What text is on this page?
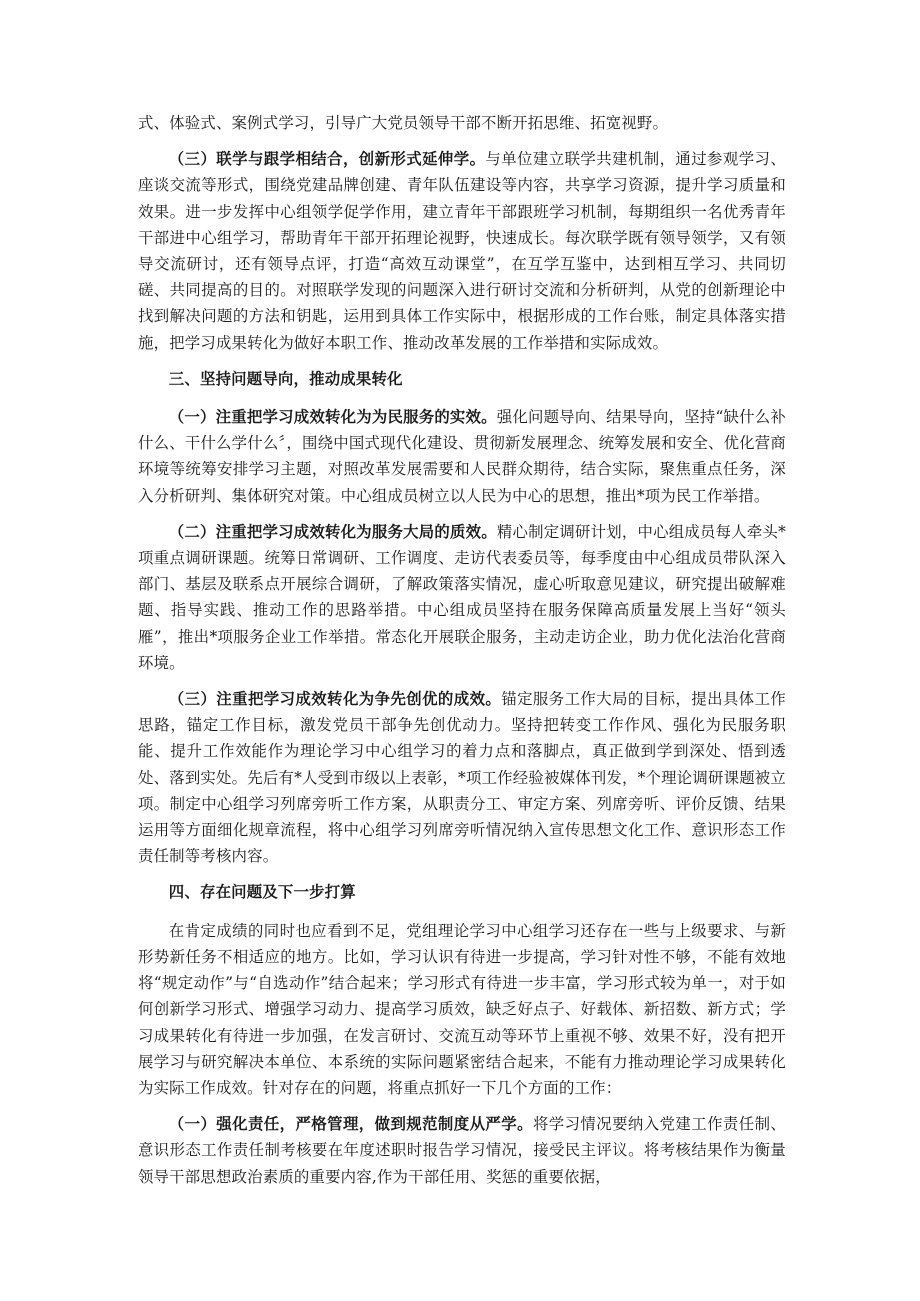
式、体验式、案例式学习，引导广大党员领导干部不断开拓思维、拓宽视野。

（三）联学与跟学相结合，创新形式延伸学。与单位建立联学共建机制，通过参观学习、座谈交流等形式，围绕党建品牌创建、青年队伍建设等内容，共享学习资源，提升学习质量和效果。进一步发挥中心组领学促学作用，建立青年干部跟班学习机制，每期组织一名优秀青年干部进中心组学习，帮助青年干部开拓理论视野，快速成长。每次联学既有领导领学，又有领导交流研讨，还有领导点评，打造“高效互动课堂”，在互学互鉴中，达到相互学习、共同切磋、共同提高的目的。对照联学发现的问题深入进行研讨交流和分析研判，从党的创新理论中找到解决问题的方法和钥匙，运用到具体工作实际中，根据形成的工作台账，制定具体落实措施，把学习成果转化为做好本职工作、推动改革发展的工作举措和实际成效。

三、坚持问题导向，推动成果转化

（一）注重把学习成效转化为为民服务的实效。强化问题导向、结果导向，坚持“缺什么补什么、干什么学什么〞，围绕中国式现代化建设、贯彻新发展理念、统筹发展和安全、优化营商环境等统筹安排学习主题，对照改革发展需要和人民群众期待，结合实际，聚焦重点任务，深入分析研判、集体研究对策。中心组成员树立以人民为中心的思想，推出*项为民工作举措。

（二）注重把学习成效转化为服务大局的质效。精心制定调研计划，中心组成员每人牵头*项重点调研课题。统筹日常调研、工作调度、走访代表委员等，每季度由中心组成员带队深入部门、基层及联系点开展综合调研，了解政策落实情况，虚心听取意见建议，研究提出破解难题、指导实践、推动工作的思路举措。中心组成员坚持在服务保障高质量发展上当好“领头雁”，推出*项服务企业工作举措。常态化开展联企服务，主动走访企业，助力优化法治化营商环境。

（三）注重把学习成效转化为争先创优的成效。锚定服务工作大局的目标，提出具体工作思路，锚定工作目标，激发党员干部争先创优动力。坚持把转变工作作风、强化为民服务职能、提升工作效能作为理论学习中心组学习的着力点和落脚点，真正做到学到深处、悟到透处、落到实处。先后有*人受到市级以上表彰，*项工作经验被媒体刊发，*个理论调研课题被立项。制定中心组学习列席旁听工作方案，从职责分工、审定方案、列席旁听、评价反馈、结果运用等方面细化规章流程，将中心组学习列席旁听情况纳入宣传思想文化工作、意识形态工作责任制等考核内容。

四、存在问题及下一步打算

在肯定成绩的同时也应看到不足，党组理论学习中心组学习还存在一些与上级要求、与新形势新任务不相适应的地方。比如，学习认识有待进一步提高，学习针对性不够，不能有效地将“规定动作”与“自选动作”结合起来；学习形式有待进一步丰富，学习形式较为单一，对于如何创新学习形式、增强学习动力、提高学习质效，缺乏好点子、好载体、新招数、新方式；学习成果转化有待进一步加强，在发言研讨、交流互动等环节上重视不够、效果不好，没有把开展学习与研究解决本单位、本系统的实际问题紧密结合起来，不能有力推动理论学习成果转化为实际工作成效。针对存在的问题，将重点抓好一下几个方面的工作：

（一）强化责任，严格管理，做到规范制度从严学。将学习情况要纳入党建工作责任制、意识形态工作责任制考核要在年度述职时报告学习情况，接受民主评议。将考核结果作为衡量领导干部思想政治素质的重要内容,作为干部任用、奖惩的重要依据，
